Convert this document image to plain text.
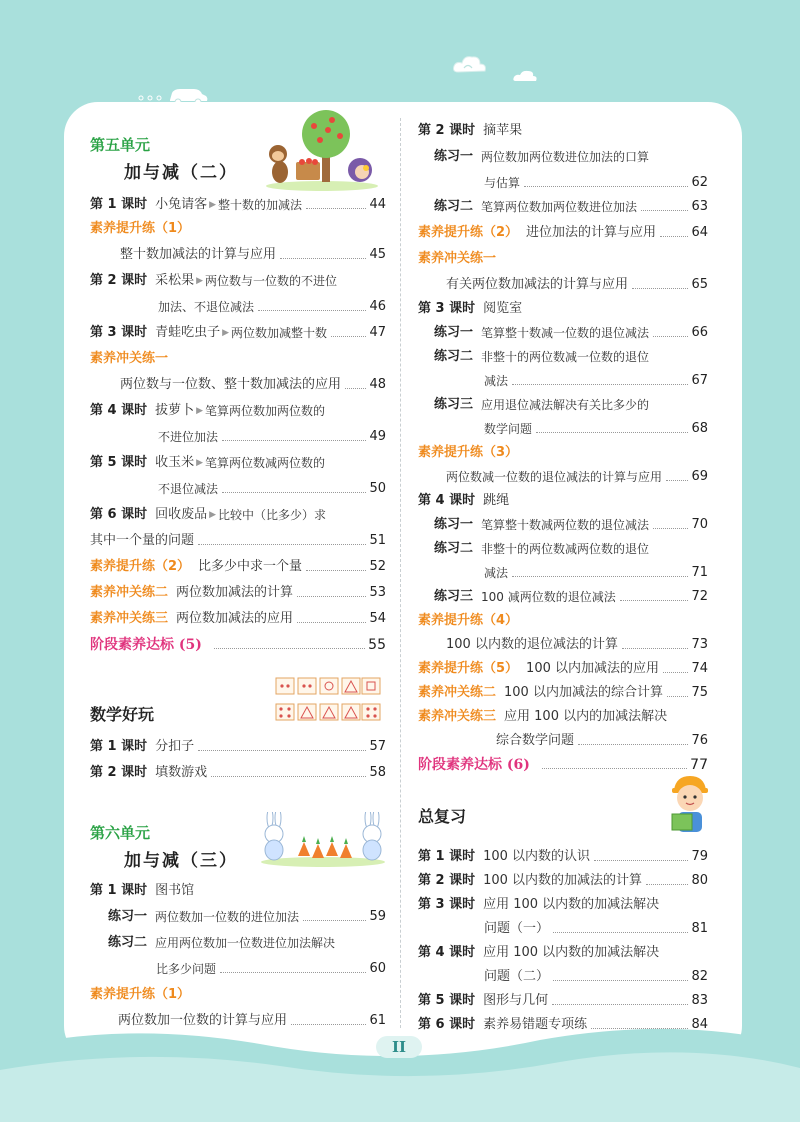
第五单元
加与减（二）
第 1 课时 小兔请客 ▶ 整十数的加减法	44
素养提升练（1）
整十数加减法的计算与应用	45
第 2 课时 采松果 ▶ 两位数与一位数的不进位
加法、不退位减法	46
第 3 课时 青蛙吃虫子 ▶ 两位数加减整十数	47
素养冲关练一
两位数与一位数、整十数加减法的应用 48
第 4 课时 拔萝卜 ▶ 笔算两位数加两位数的
不进位加法	49
第 5 课时 收玉米 ▶ 笔算两位数减两位数的
不退位减法	50
第 6 课时 回收废品 ▶ 比较中（比多少）求
其中一个量的问题	51
素养提升练（2） 比多少中求一个量	52
素养冲关练二 两位数加减法的计算	53
素养冲关练三 两位数加减法的应用	54
阶段素养达标 (5)	55
数学好玩
第 1 课时 分扣子	57
第 2 课时 填数游戏	58
第六单元
加与减（三）
第 1 课时 图书馆
练习一 两位数加一位数的进位加法	59
练习二 应用两位数加一位数进位加法解决
比多少问题	60
素养提升练（1）
两位数加一位数的计算与应用	61
第 2 课时 摘苹果
练习一 两位数加两位数进位加法的口算
与估算	62
练习二 笔算两位数加两位数进位加法	63
素养提升练（2） 进位加法的计算与应用	64
素养冲关练一
有关两位数加减法的计算与应用	65
第 3 课时 阅览室
练习一 笔算整十数减一位数的退位减法	66
练习二 非整十的两位数减一位数的退位
减法	67
练习三 应用退位减法解决有关比多少的
数学问题	68
素养提升练（3）
两位数减一位数的退位减法的计算与应用 69
第 4 课时 跳绳
练习一 笔算整十数减两位数的退位减法	70
练习二 非整十的两位数减两位数的退位
减法	71
练习三 100 减两位数的退位减法	72
素养提升练（4）
100 以内数的退位减法的计算	73
素养提升练（5） 100 以内加减法的应用 74
素养冲关练二 100 以内加减法的综合计算 75
素养冲关练三 应用 100 以内的加减法解决
综合数学问题	76
阶段素养达标 (6)	77
总复习
第 1 课时 100 以内数的认识	79
第 2 课时 100 以内数的加减法的计算	80
第 3 课时 应用 100 以内数的加减法解决
问题（一）	81
第 4 课时 应用 100 以内数的加减法解决
问题（二）	82
第 5 课时 图形与几何	83
第 6 课时 素养易错题专项练	84
II
